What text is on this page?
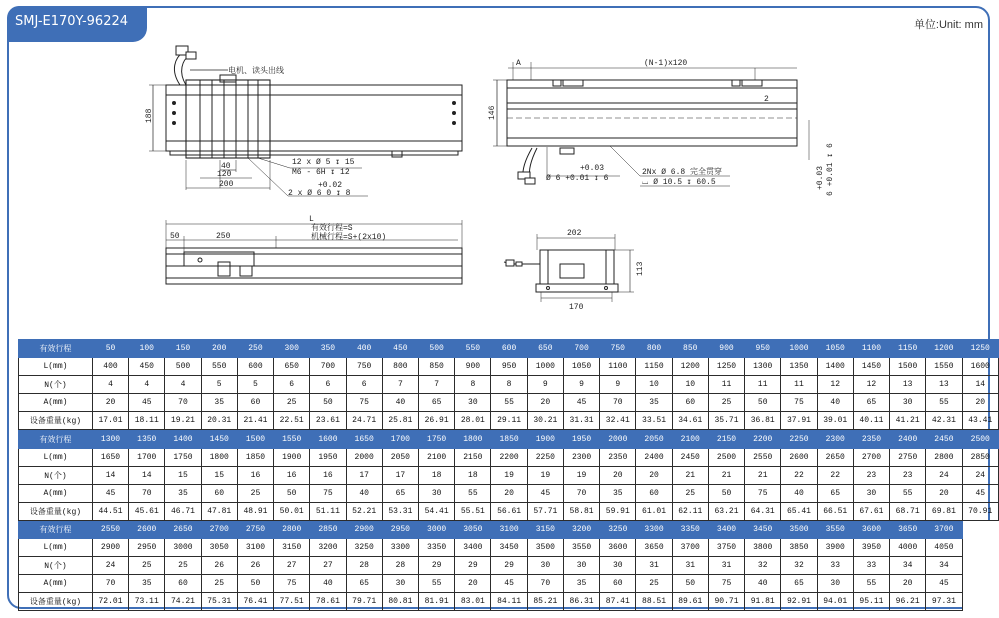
SMJ-E170Y-96224	单位:Unit: mm
电机、读头出线
188
40
120
200
12 x Ø 5 ↧ 15
M6 - 6H ↧ 12
+0.02
2 x Ø 6 0 ↧ 8
A	(N-1)x120
146
2
+0.03
Ø 6 +0.01 ↧ 6
2Nx Ø 6.8 完全贯穿
⌴ Ø 10.5 ↧ 60.5	+0.03 6 +0.01 ↧ 6
L
50	250
有效行程=S
机械行程=S+(2x10)	202
113
170
有效行程	50	100	150	200	250	300	350	400	450	500	550	600	650	700	750	800	850	900	950	1000	1050	1100	1150	1200	1250
L(mm)	400	450	500	550	600	650	700	750	800	850	900	950	1000	1050	1100	1150	1200	1250	1300	1350	1400	1450	1500	1550	1600
N(个)	4	4	4	5	5	6	6	6	7	7	8	8	9	9	9	10	10	11	11	11	12	12	13	13	14
A(mm)	20	45	70	35	60	25	50	75	40	65	30	55	20	45	70	35	60	25	50	75	40	65	30	55	20
设备重量(kg)	17.01	18.11	19.21	20.31	21.41	22.51	23.61	24.71	25.81	26.91	28.01	29.11	30.21	31.31	32.41	33.51	34.61	35.71	36.81	37.91	39.01	40.11	41.21	42.31	43.41
有效行程	1300	1350	1400	1450	1500	1550	1600	1650	1700	1750	1800	1850	1900	1950	2000	2050	2100	2150	2200	2250	2300	2350	2400	2450	2500
L(mm)	1650	1700	1750	1800	1850	1900	1950	2000	2050	2100	2150	2200	2250	2300	2350	2400	2450	2500	2550	2600	2650	2700	2750	2800	2850
N(个)	14	14	15	15	16	16	16	17	17	18	18	19	19	19	20	20	21	21	21	22	22	23	23	24	24
A(mm)	45	70	35	60	25	50	75	40	65	30	55	20	45	70	35	60	25	50	75	40	65	30	55	20	45
设备重量(kg)	44.51	45.61	46.71	47.81	48.91	50.01	51.11	52.21	53.31	54.41	55.51	56.61	57.71	58.81	59.91	61.01	62.11	63.21	64.31	65.41	66.51	67.61	68.71	69.81	70.91
有效行程	2550	2600	2650	2700	2750	2800	2850	2900	2950	3000	3050	3100	3150	3200	3250	3300	3350	3400	3450	3500	3550	3600	3650	3700	
L(mm)	2900	2950	3000	3050	3100	3150	3200	3250	3300	3350	3400	3450	3500	3550	3600	3650	3700	3750	3800	3850	3900	3950	4000	4050	
N(个)	24	25	25	26	26	27	27	28	28	29	29	29	30	30	30	31	31	31	32	32	33	33	34	34	
A(mm)	70	35	60	25	50	75	40	65	30	55	20	45	70	35	60	25	50	75	40	65	30	55	20	45	
设备重量(kg)	72.01	73.11	74.21	75.31	76.41	77.51	78.61	79.71	80.81	81.91	83.01	84.11	85.21	86.31	87.41	88.51	89.61	90.71	91.81	92.91	94.01	95.11	96.21	97.31	
